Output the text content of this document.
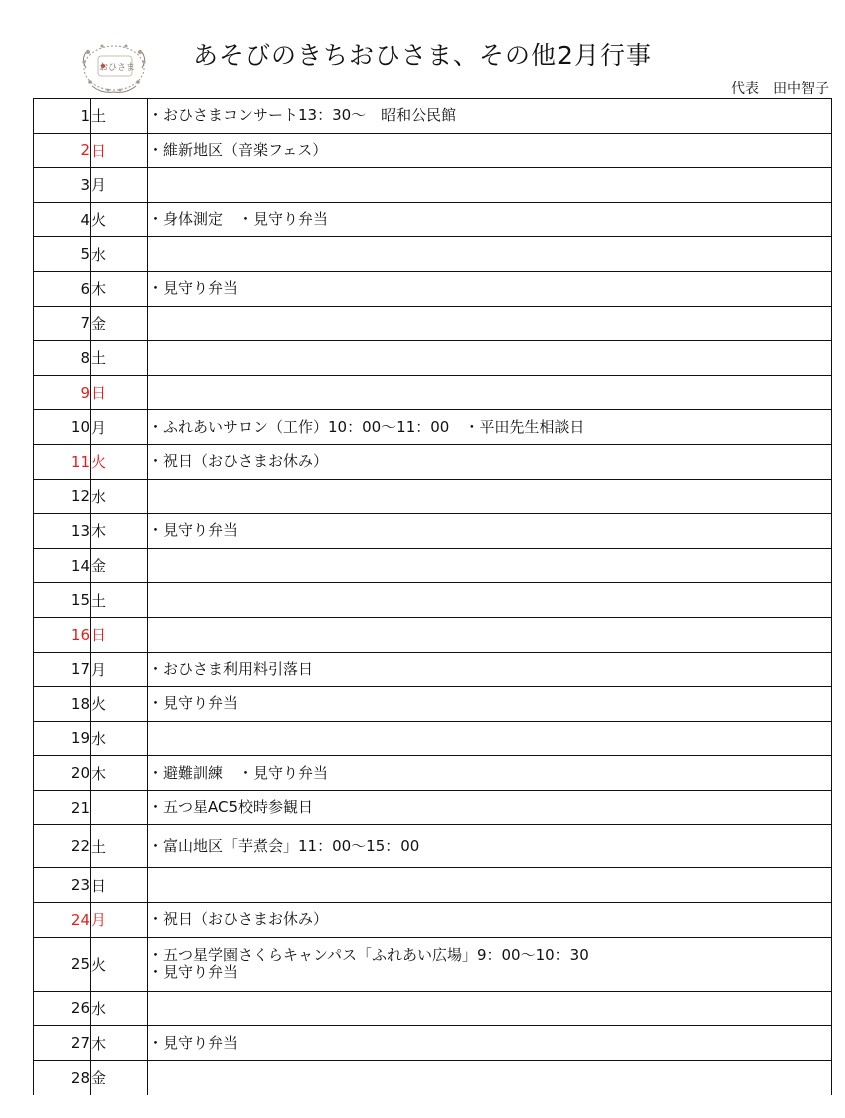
おひさま	あそびのきちおひさま、その他2月行事
代表　田中智子
1	土	・おひさまコンサート13：30～　昭和公民館

2	日	・維新地区（音楽フェス）

3	月	
4	火	・身体測定　・見守り弁当

5	水	
6	木	・見守り弁当

7	金	
8	土	
9	日	
10	月	・ふれあいサロン（工作）10：00～11：00　・平田先生相談日

11	火	・祝日（おひさまお休み）

12	水	
13	木	・見守り弁当

14	金	
15	土	
16	日	
17	月	・おひさま利用料引落日

18	火	・見守り弁当

19	水	
20	木	・避難訓練　・見守り弁当

21		・五つ星AC5校時参観日

22	土	・富山地区「芋煮会」11：00～15：00

23	日	
24	月	・祝日（おひさまお休み）

25	火	・五つ星学園さくらキャンパス「ふれあい広場」9：00～10：30
・見守り弁当

26	水	
27	木	・見守り弁当

28	金	
